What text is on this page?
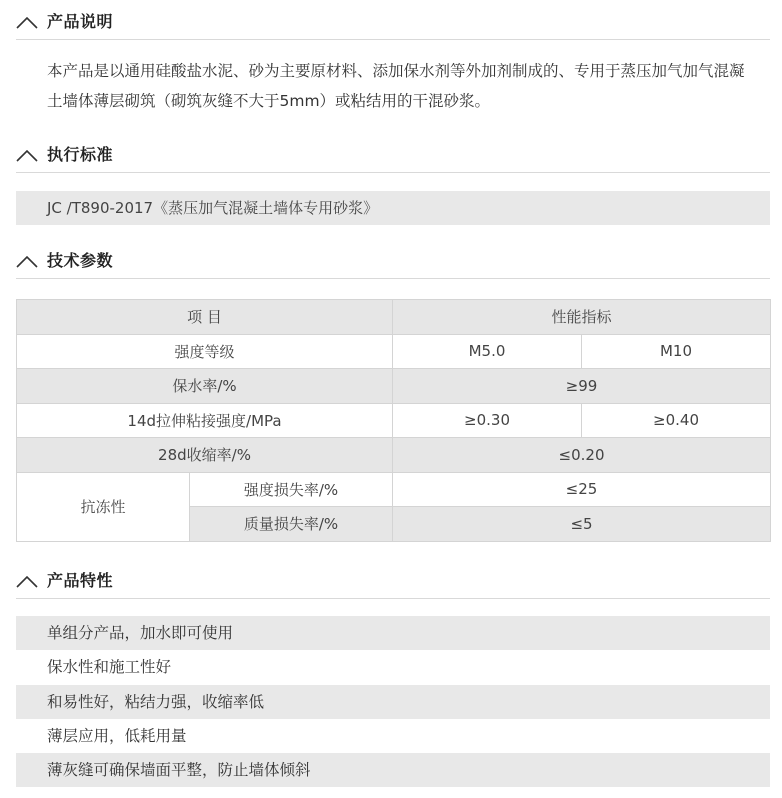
产品说明
本产品是以通用硅酸盐水泥、砂为主要原材料、添加保水剂等外加剂制成的、专用于蒸压加气加气混凝土墙体薄层砌筑（砌筑灰缝不大于5mm）或粘结用的干混砂浆。
执行标准
JC /T890-2017《蒸压加气混凝土墙体专用砂浆》
技术参数
项 目		性能指标	
强度等级		M5.0	M10
保水率/%		≥99	
14d拉伸粘接强度/MPa		≥0.30	≥0.40
28d收缩率/%		≤0.20	
抗冻性	强度损失率/%	≤25	
	质量损失率/%	≤5	
产品特性
单组分产品，加水即可使用
保水性和施工性好
和易性好，粘结力强，收缩率低
薄层应用，低耗用量
薄灰缝可确保墙面平整，防止墙体倾斜
